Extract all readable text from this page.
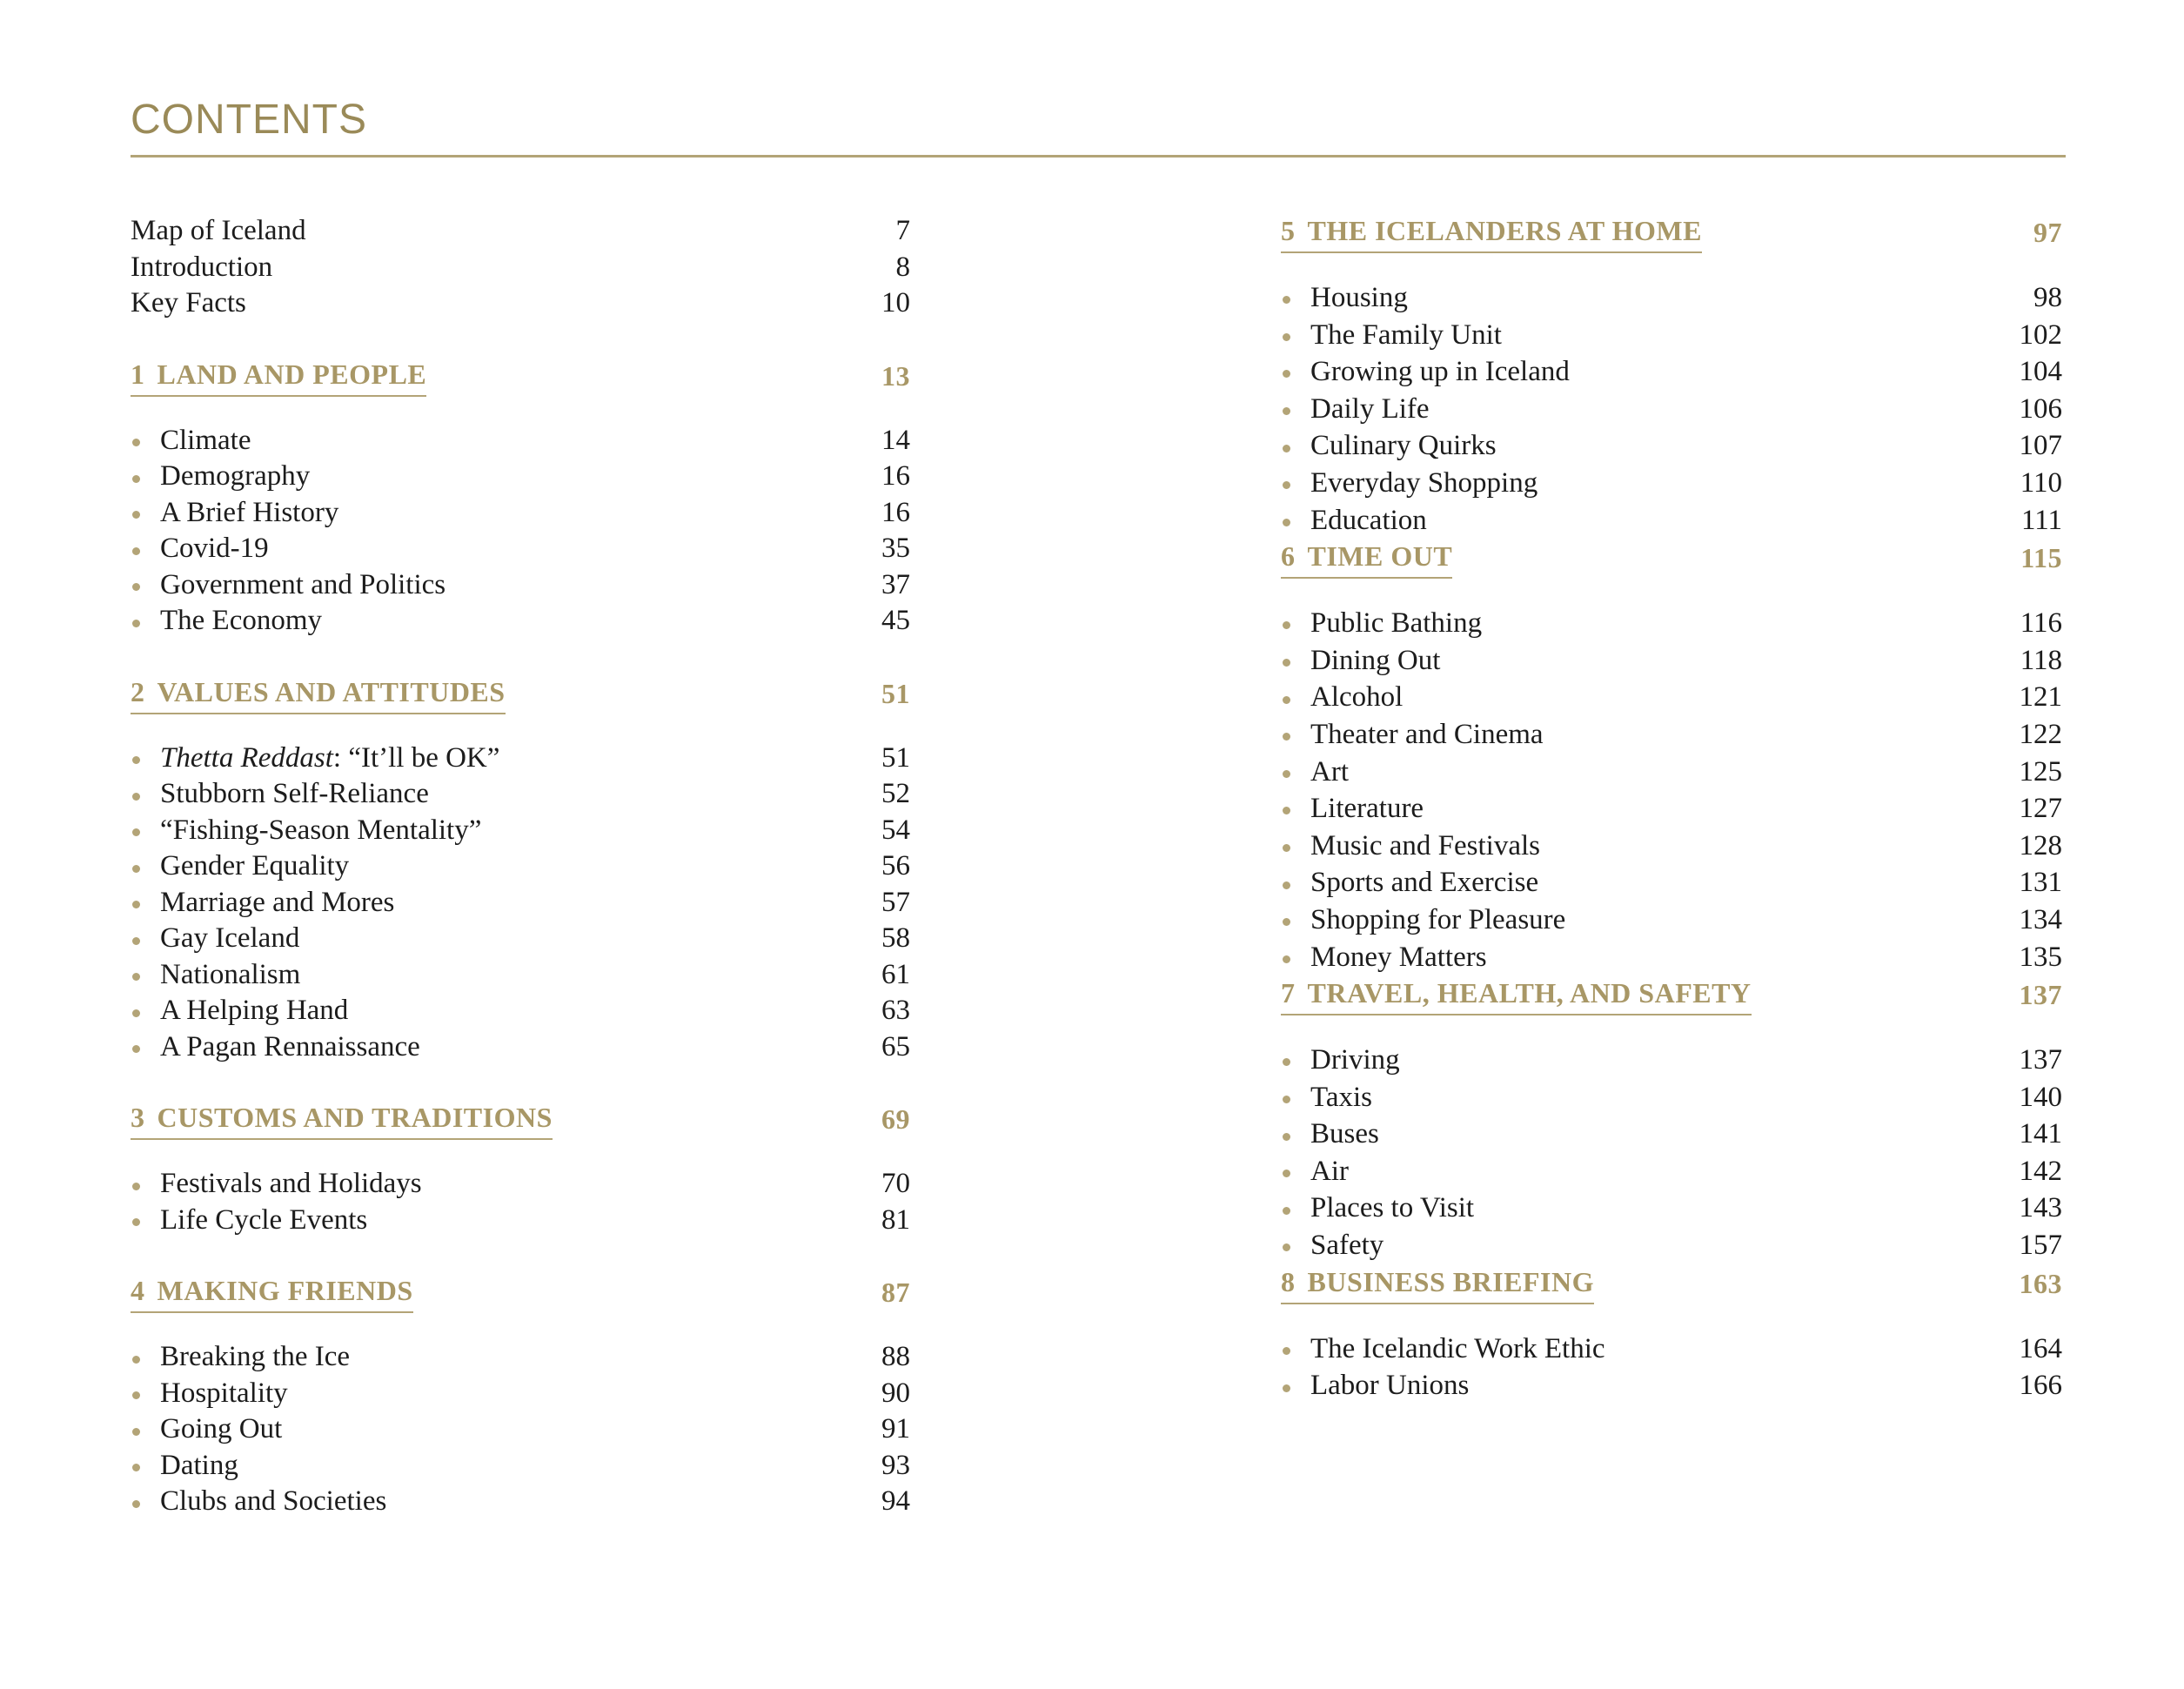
CONTENTS
Map of Iceland	7
Introduction	8
Key Facts	10
1 LAND AND PEOPLE	13
Climate	14
Demography	16
A Brief History	16
Covid-19	35
Government and Politics	37
The Economy	45
2 VALUES AND ATTITUDES	51
Thetta Reddast: “It’ll be OK”	51
Stubborn Self-Reliance	52
“Fishing-Season Mentality”	54
Gender Equality	56
Marriage and Mores	57
Gay Iceland	58
Nationalism	61
A Helping Hand	63
A Pagan Rennaissance	65
3 CUSTOMS AND TRADITIONS	69
Festivals and Holidays	70
Life Cycle Events	81
4 MAKING FRIENDS	87
Breaking the Ice	88
Hospitality	90
Going Out	91
Dating	93
Clubs and Societies	94
5 THE ICELANDERS AT HOME	97
Housing	98
The Family Unit	102
Growing up in Iceland	104
Daily Life	106
Culinary Quirks	107
Everyday Shopping	110
Education	111
6 TIME OUT	115
Public Bathing	116
Dining Out	118
Alcohol	121
Theater and Cinema	122
Art	125
Literature	127
Music and Festivals	128
Sports and Exercise	131
Shopping for Pleasure	134
Money Matters	135
7 TRAVEL, HEALTH, AND SAFETY	137
Driving	137
Taxis	140
Buses	141
Air	142
Places to Visit	143
Safety	157
8 BUSINESS BRIEFING	163
The Icelandic Work Ethic	164
Labor Unions	166
